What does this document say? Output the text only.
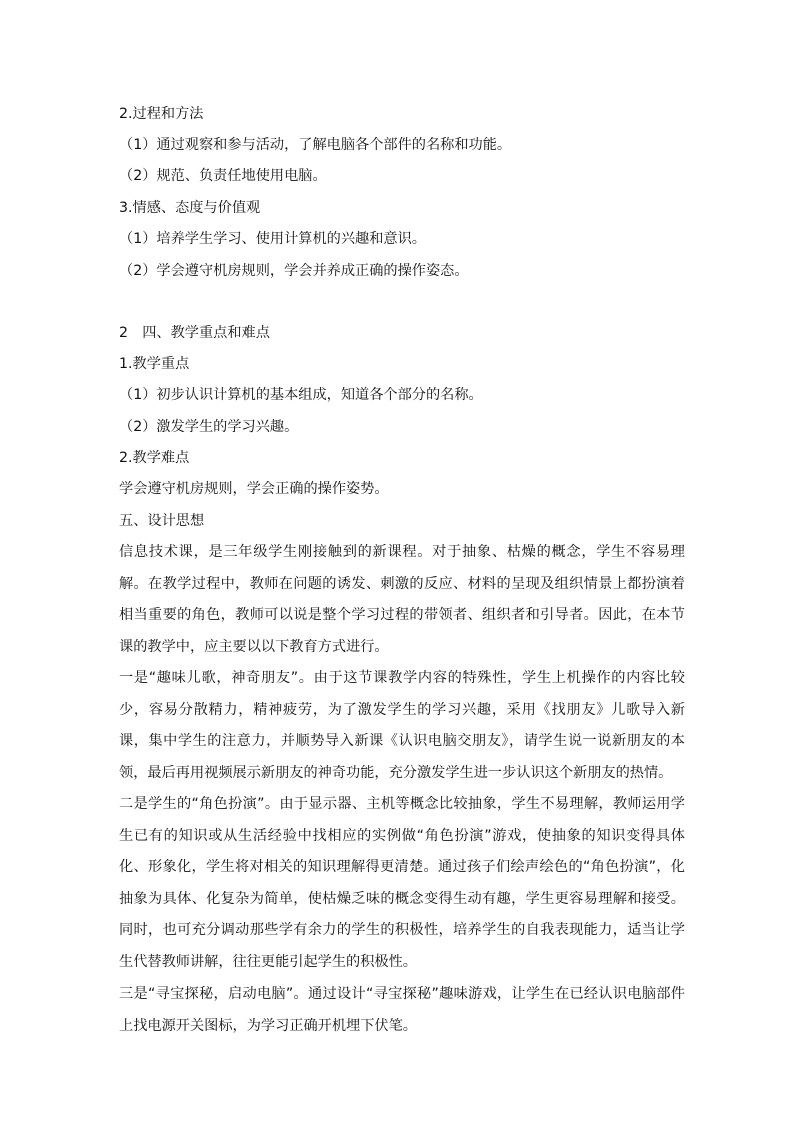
2.过程和方法
（1）通过观察和参与活动，了解电脑各个部件的名称和功能。
（2）规范、负责任地使用电脑。
3.情感、态度与价值观
（1）培养学生学习、使用计算机的兴趣和意识。
（2）学会遵守机房规则，学会并养成正确的操作姿态。
2　四、教学重点和难点
1.教学重点
（1）初步认识计算机的基本组成，知道各个部分的名称。
（2）激发学生的学习兴趣。
2.教学难点
学会遵守机房规则，学会正确的操作姿势。
五、设计思想
信息技术课，是三年级学生刚接触到的新课程。对于抽象、枯燥的概念，学生不容易理解。在教学过程中，教师在问题的诱发、刺激的反应、材料的呈现及组织情景上都扮演着相当重要的角色，教师可以说是整个学习过程的带领者、组织者和引导者。因此，在本节课的教学中，应主要以以下教育方式进行。
一是“趣味儿歌，神奇朋友”。由于这节课教学内容的特殊性，学生上机操作的内容比较少，容易分散精力，精神疲劳，为了激发学生的学习兴趣，采用《找朋友》儿歌导入新课，集中学生的注意力，并顺势导入新课《认识电脑交朋友》，请学生说一说新朋友的本领，最后再用视频展示新朋友的神奇功能，充分激发学生进一步认识这个新朋友的热情。
二是学生的“角色扮演”。由于显示器、主机等概念比较抽象，学生不易理解，教师运用学生已有的知识或从生活经验中找相应的实例做“角色扮演”游戏，使抽象的知识变得具体化、形象化，学生将对相关的知识理解得更清楚。通过孩子们绘声绘色的“角色扮演”，化抽象为具体、化复杂为简单，使枯燥乏味的概念变得生动有趣，学生更容易理解和接受。同时，也可充分调动那些学有余力的学生的积极性，培养学生的自我表现能力，适当让学生代替教师讲解，往往更能引起学生的积极性。
三是“寻宝探秘，启动电脑”。通过设计“寻宝探秘”趣味游戏，让学生在已经认识电脑部件上找电源开关图标，为学习正确开机埋下伏笔。
